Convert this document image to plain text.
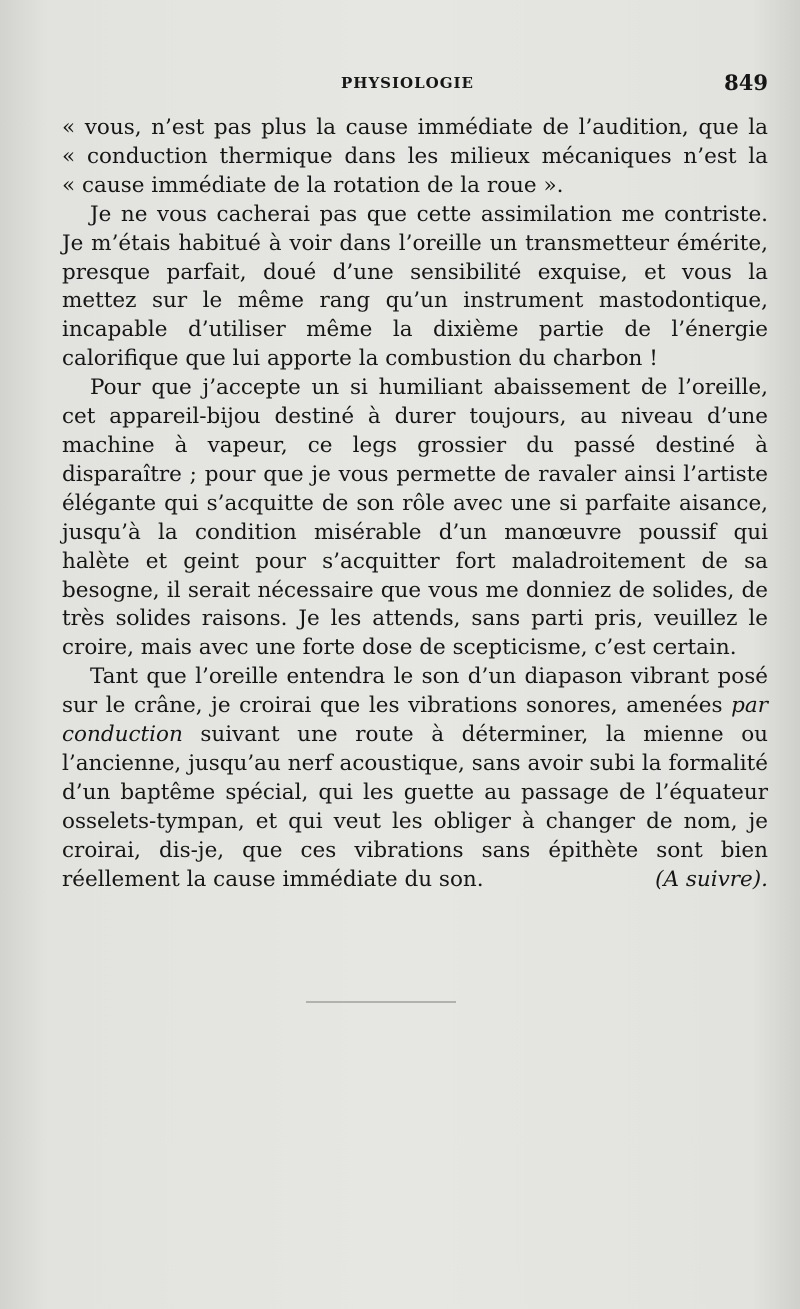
PHYSIOLOGIE	849

« vous, n’est pas plus la cause immédiate de l’audition, que la

« conduction thermique dans les milieux mécaniques n’est la

« cause immédiate de la rotation de la roue ».

Je ne vous cacherai pas que cette assimilation me contriste. Je m’étais habitué à voir dans l’oreille un transmetteur émérite, presque parfait, doué d’une sensibilité exquise, et vous la mettez sur le même rang qu’un instrument mastodontique, incapable d’utiliser même la dixième partie de l’énergie calorifique que lui apporte la combustion du charbon !

Pour que j’accepte un si humiliant abaissement de l’oreille, cet appareil-bijou destiné à durer toujours, au niveau d’une machine à vapeur, ce legs grossier du passé destiné à disparaître ; pour que je vous permette de ravaler ainsi l’artiste élégante qui s’acquitte de son rôle avec une si parfaite aisance, jusqu’à la condition misérable d’un manœuvre poussif qui halète et geint pour s’acquitter fort maladroitement de sa besogne, il serait nécessaire que vous me donniez de solides, de très solides raisons. Je les attends, sans parti pris, veuillez le croire, mais avec une forte dose de scepticisme, c’est certain.

Tant que l’oreille entendra le son d’un diapason vibrant posé sur le crâne, je croirai que les vibrations sonores, amenées par conduction suivant une route à déterminer, la mienne ou l’ancienne, jusqu’au nerf acoustique, sans avoir subi la formalité d’un baptême spécial, qui les guette au passage de l’équateur osselets-tympan, et qui veut les obliger à changer de nom, je croirai, dis-je, que ces vibrations sans épithète sont bien réellement la cause immédiate du son.	(A suivre).
